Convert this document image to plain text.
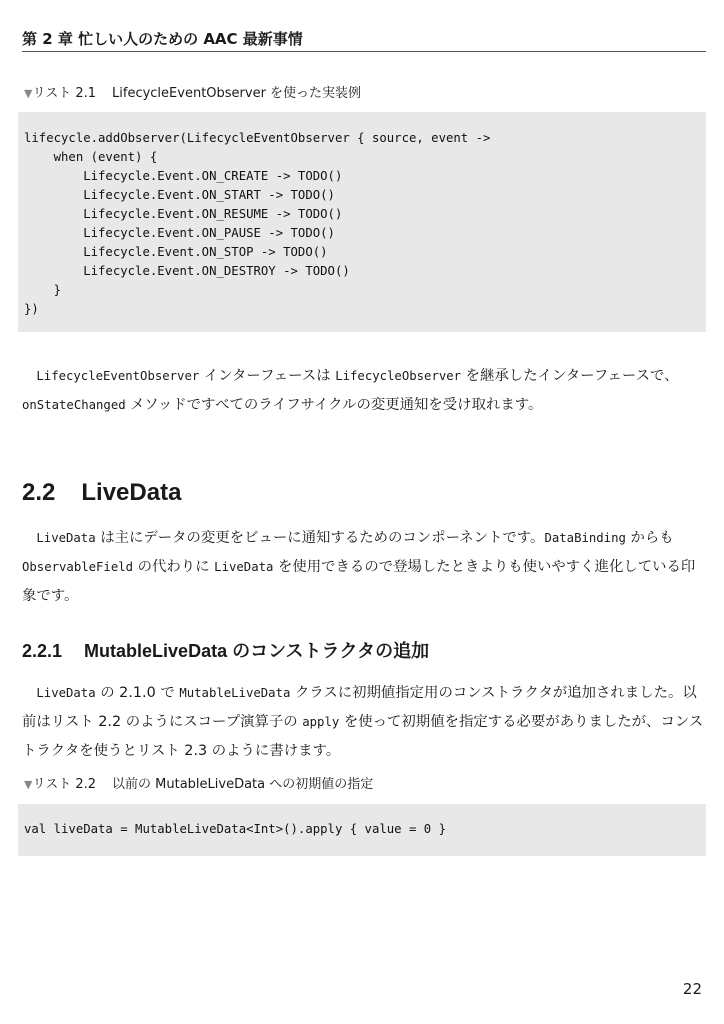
第 2 章 忙しい人のための AAC 最新事情
▼リスト 2.1 LifecycleEventObserver を使った実装例
lifecycle.addObserver(LifecycleEventObserver { source, event ->
when (event) {
Lifecycle.Event.ON_CREATE -> TODO()
Lifecycle.Event.ON_START -> TODO()
Lifecycle.Event.ON_RESUME -> TODO()
Lifecycle.Event.ON_PAUSE -> TODO()
Lifecycle.Event.ON_STOP -> TODO()
Lifecycle.Event.ON_DESTROY -> TODO()
}
})
LifecycleEventObserver インターフェースは LifecycleObserver を継承したインターフェースで、onStateChanged メソッドですべてのライフサイクルの変更通知を受け取れます。
2.2 LiveData
LiveData は主にデータの変更をビューに通知するためのコンポーネントです。DataBinding からも ObservableField の代わりに LiveData を使用できるので登場したときよりも使いやすく進化している印象です。
2.2.1 MutableLiveData のコンストラクタの追加
LiveData の 2.1.0 で MutableLiveData クラスに初期値指定用のコンストラクタが追加されました。以前はリスト 2.2 のようにスコープ演算子の apply を使って初期値を指定する必要がありましたが、コンストラクタを使うとリスト 2.3 のように書けます。
▼リスト 2.2 以前の MutableLiveData への初期値の指定
val liveData = MutableLiveData<Int>().apply { value = 0 }
22
